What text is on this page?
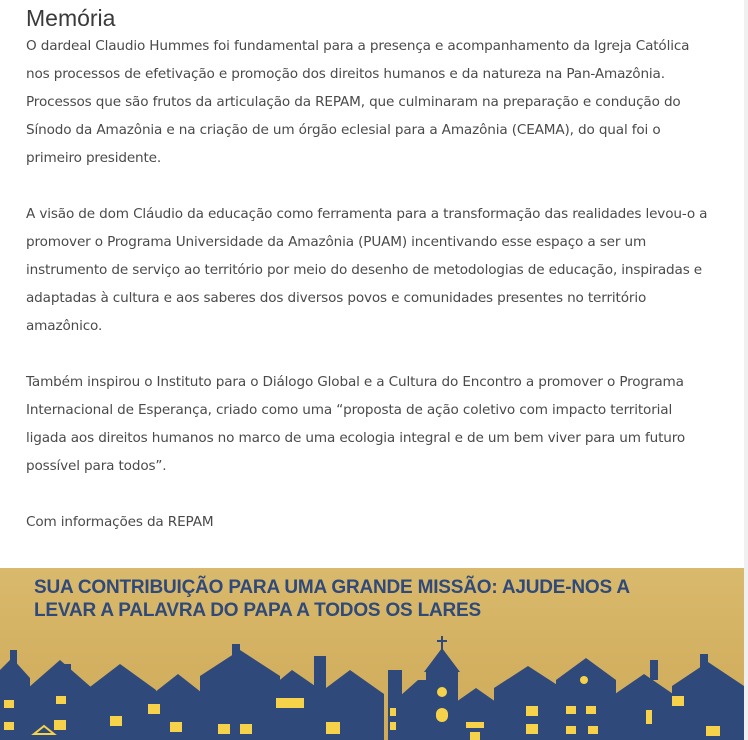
Memória

O dardeal Claudio Hummes foi fundamental para a presença e acompanhamento da Igreja Católica nos processos de efetivação e promoção dos direitos humanos e da natureza na Pan-Amazônia. Processos que são frutos da articulação da REPAM, que culminaram na preparação e condução do Sínodo da Amazônia e na criação de um órgão eclesial para a Amazônia (CEAMA), do qual foi o primeiro presidente.

A visão de dom Cláudio da educação como ferramenta para a transformação das realidades levou-o a promover o Programa Universidade da Amazônia (PUAM) incentivando esse espaço a ser um instrumento de serviço ao território por meio do desenho de metodologias de educação, inspiradas e adaptadas à cultura e aos saberes dos diversos povos e comunidades presentes no território amazônico.

Também inspirou o Instituto para o Diálogo Global e a Cultura do Encontro a promover o Programa Internacional de Esperança, criado como uma “proposta de ação coletivo com impacto territorial ligada aos direitos humanos no marco de uma ecologia integral e de um bem viver para um futuro possível para todos”.

Com informações da REPAM

SUA CONTRIBUIÇÃO PARA UMA GRANDE MISSÃO: AJUDE-NOS A LEVAR A PALAVRA DO PAPA A TODOS OS LARES
